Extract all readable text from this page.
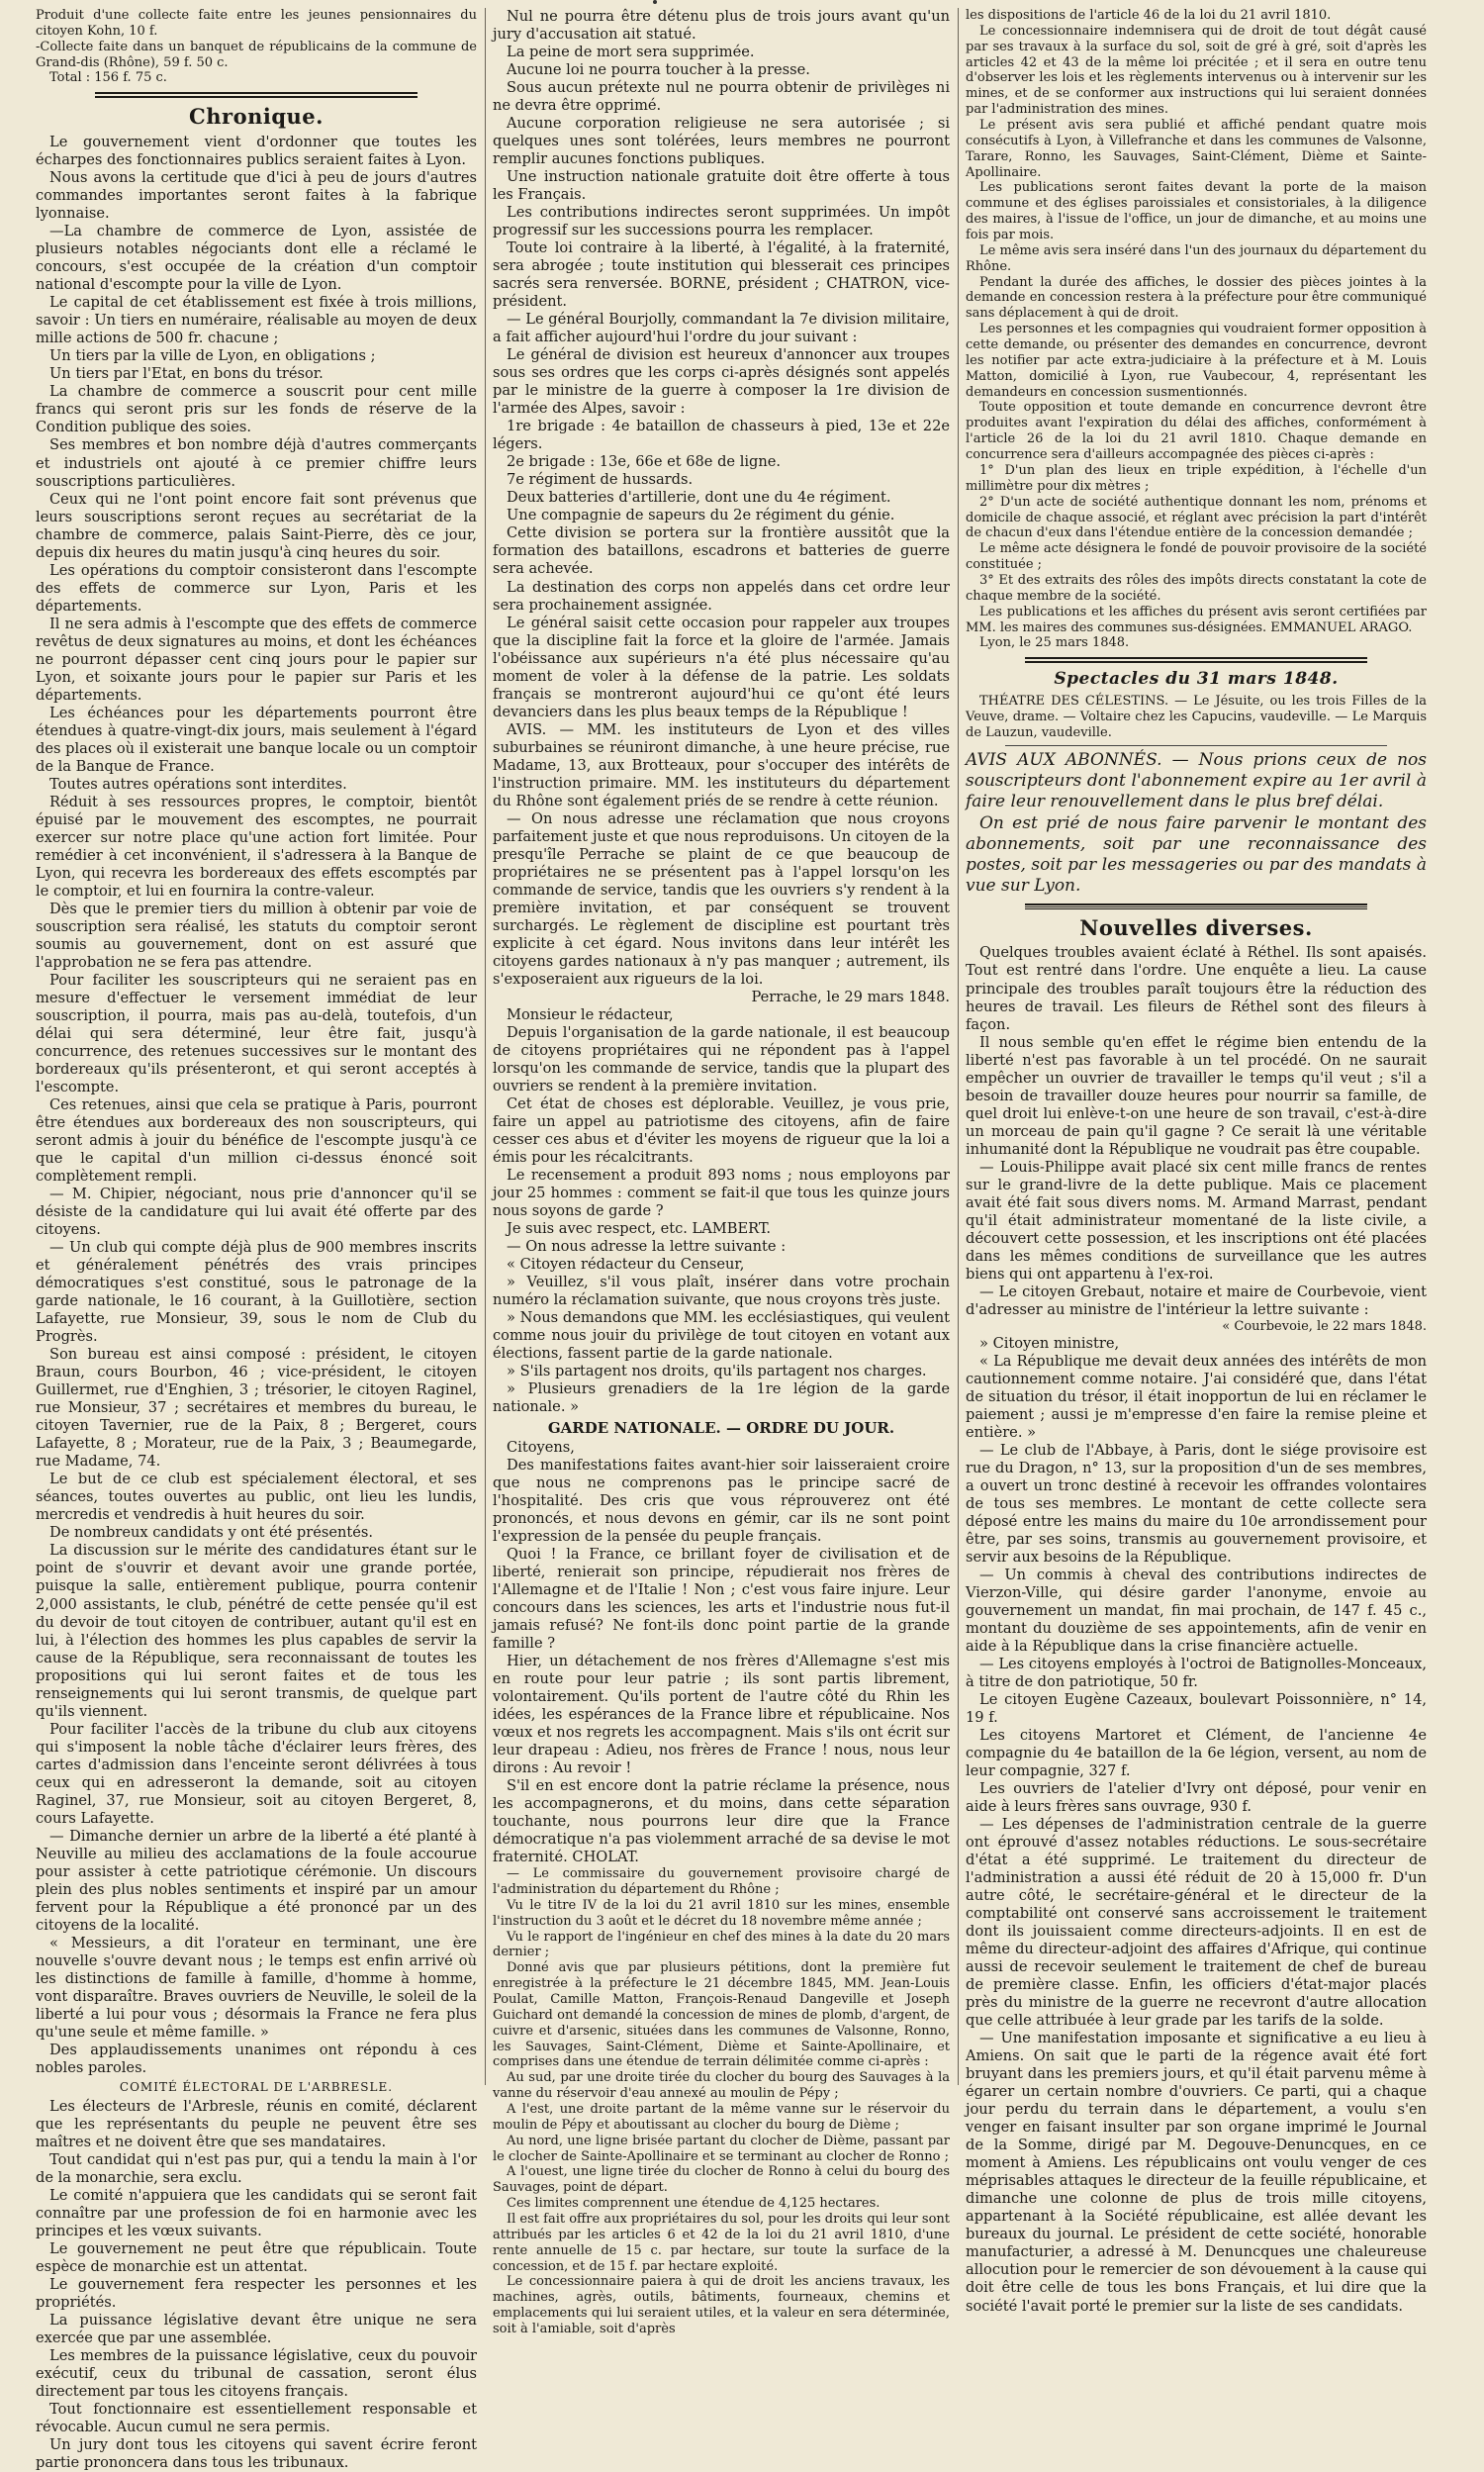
Produit d'une collecte faite entre les jeunes pensionnaires du citoyen Kohn, 10 f.

-Collecte faite dans un banquet de républicains de la commune de Grand-dis (Rhône), 59 f. 50 c.

Total : 156 f. 75 c.

Chronique.

Le gouvernement vient d'ordonner que toutes les écharpes des fonctionnaires publics seraient faites à Lyon.

Nous avons la certitude que d'ici à peu de jours d'autres commandes importantes seront faites à la fabrique lyonnaise.

—La chambre de commerce de Lyon, assistée de plusieurs notables négociants dont elle a réclamé le concours, s'est occupée de la création d'un comptoir national d'escompte pour la ville de Lyon.

Le capital de cet établissement est fixée à trois millions, savoir : Un tiers en numéraire, réalisable au moyen de deux mille actions de 500 fr. chacune ;

Un tiers par la ville de Lyon, en obligations ;

Un tiers par l'Etat, en bons du trésor.

La chambre de commerce a souscrit pour cent mille francs qui seront pris sur les fonds de réserve de la Condition publique des soies.

Ses membres et bon nombre déjà d'autres commerçants et industriels ont ajouté à ce premier chiffre leurs souscriptions particulières.

Ceux qui ne l'ont point encore fait sont prévenus que leurs souscriptions seront reçues au secrétariat de la chambre de commerce, palais Saint-Pierre, dès ce jour, depuis dix heures du matin jusqu'à cinq heures du soir.

Les opérations du comptoir consisteront dans l'escompte des effets de commerce sur Lyon, Paris et les départements.

Il ne sera admis à l'escompte que des effets de commerce revêtus de deux signatures au moins, et dont les échéances ne pourront dépasser cent cinq jours pour le papier sur Lyon, et soixante jours pour le papier sur Paris et les départements.

Les échéances pour les départements pourront être étendues à quatre-vingt-dix jours, mais seulement à l'égard des places où il existerait une banque locale ou un comptoir de la Banque de France.

Toutes autres opérations sont interdites.

Réduit à ses ressources propres, le comptoir, bientôt épuisé par le mouvement des escomptes, ne pourrait exercer sur notre place qu'une action fort limitée. Pour remédier à cet inconvénient, il s'adressera à la Banque de Lyon, qui recevra les bordereaux des effets escomptés par le comptoir, et lui en fournira la contre-valeur.

Dès que le premier tiers du million à obtenir par voie de souscription sera réalisé, les statuts du comptoir seront soumis au gouvernement, dont on est assuré que l'approbation ne se fera pas attendre.

Pour faciliter les souscripteurs qui ne seraient pas en mesure d'effectuer le versement immédiat de leur souscription, il pourra, mais pas au-delà, toutefois, d'un délai qui sera déterminé, leur être fait, jusqu'à concurrence, des retenues successives sur le montant des bordereaux qu'ils présenteront, et qui seront acceptés à l'escompte.

Ces retenues, ainsi que cela se pratique à Paris, pourront être étendues aux bordereaux des non souscripteurs, qui seront admis à jouir du bénéfice de l'escompte jusqu'à ce que le capital d'un million ci-dessus énoncé soit complètement rempli.

— M. Chipier, négociant, nous prie d'annoncer qu'il se désiste de la candidature qui lui avait été offerte par des citoyens.

— Un club qui compte déjà plus de 900 membres inscrits et généralement pénétrés des vrais principes démocratiques s'est constitué, sous le patronage de la garde nationale, le 16 courant, à la Guillotière, section Lafayette, rue Monsieur, 39, sous le nom de Club du Progrès.

Son bureau est ainsi composé : président, le citoyen Braun, cours Bourbon, 46 ; vice-président, le citoyen Guillermet, rue d'Enghien, 3 ; trésorier, le citoyen Raginel, rue Monsieur, 37 ; secrétaires et membres du bureau, le citoyen Tavernier, rue de la Paix, 8 ; Bergeret, cours Lafayette, 8 ; Morateur, rue de la Paix, 3 ; Beaumegarde, rue Madame, 74.

Le but de ce club est spécialement électoral, et ses séances, toutes ouvertes au public, ont lieu les lundis, mercredis et vendredis à huit heures du soir.

De nombreux candidats y ont été présentés.

La discussion sur le mérite des candidatures étant sur le point de s'ouvrir et devant avoir une grande portée, puisque la salle, entièrement publique, pourra contenir 2,000 assistants, le club, pénétré de cette pensée qu'il est du devoir de tout citoyen de contribuer, autant qu'il est en lui, à l'élection des hommes les plus capables de servir la cause de la République, sera reconnaissant de toutes les propositions qui lui seront faites et de tous les renseignements qui lui seront transmis, de quelque part qu'ils viennent.

Pour faciliter l'accès de la tribune du club aux citoyens qui s'imposent la noble tâche d'éclairer leurs frères, des cartes d'admission dans l'enceinte seront délivrées à tous ceux qui en adresseront la demande, soit au citoyen Raginel, 37, rue Monsieur, soit au citoyen Bergeret, 8, cours Lafayette.

— Dimanche dernier un arbre de la liberté a été planté à Neuville au milieu des acclamations de la foule accourue pour assister à cette patriotique cérémonie. Un discours plein des plus nobles sentiments et inspiré par un amour fervent pour la République a été prononcé par un des citoyens de la localité.

« Messieurs, a dit l'orateur en terminant, une ère nouvelle s'ouvre devant nous ; le temps est enfin arrivé où les distinctions de famille à famille, d'homme à homme, vont disparaître. Braves ouvriers de Neuville, le soleil de la liberté a lui pour vous ; désormais la France ne fera plus qu'une seule et même famille. »

Des applaudissements unanimes ont répondu à ces nobles paroles.

COMITÉ ÉLECTORAL DE L'ARBRESLE.

Les électeurs de l'Arbresle, réunis en comité, déclarent que les représentants du peuple ne peuvent être ses maîtres et ne doivent être que ses mandataires.

Tout candidat qui n'est pas pur, qui a tendu la main à l'or de la monarchie, sera exclu.

Le comité n'appuiera que les candidats qui se seront fait connaître par une profession de foi en harmonie avec les principes et les vœux suivants.

Le gouvernement ne peut être que républicain. Toute espèce de monarchie est un attentat.

Le gouvernement fera respecter les personnes et les propriétés.

La puissance législative devant être unique ne sera exercée que par une assemblée.

Les membres de la puissance législative, ceux du pouvoir exécutif, ceux du tribunal de cassation, seront élus directement par tous les citoyens français.

Tout fonctionnaire est essentiellement responsable et révocable. Aucun cumul ne sera permis.

Un jury dont tous les citoyens qui savent écrire feront partie prononcera dans tous les tribunaux.

Nul ne pourra être détenu plus de trois jours avant qu'un jury d'accusation ait statué.

La peine de mort sera supprimée.

Aucune loi ne pourra toucher à la presse.

Sous aucun prétexte nul ne pourra obtenir de privilèges ni ne devra être opprimé.

Aucune corporation religieuse ne sera autorisée ; si quelques unes sont tolérées, leurs membres ne pourront remplir aucunes fonctions publiques.

Une instruction nationale gratuite doit être offerte à tous les Français.

Les contributions indirectes seront supprimées. Un impôt progressif sur les successions pourra les remplacer.

Toute loi contraire à la liberté, à l'égalité, à la fraternité, sera abrogée ; toute institution qui blesserait ces principes sacrés sera renversée. BORNE, président ; CHATRON, vice-président.

— Le général Bourjolly, commandant la 7e division militaire, a fait afficher aujourd'hui l'ordre du jour suivant :

Le général de division est heureux d'annoncer aux troupes sous ses ordres que les corps ci-après désignés sont appelés par le ministre de la guerre à composer la 1re division de l'armée des Alpes, savoir :

1re brigade : 4e bataillon de chasseurs à pied, 13e et 22e légers.

2e brigade : 13e, 66e et 68e de ligne.

7e régiment de hussards.

Deux batteries d'artillerie, dont une du 4e régiment.

Une compagnie de sapeurs du 2e régiment du génie.

Cette division se portera sur la frontière aussitôt que la formation des bataillons, escadrons et batteries de guerre sera achevée.

La destination des corps non appelés dans cet ordre leur sera prochainement assignée.

Le général saisit cette occasion pour rappeler aux troupes que la discipline fait la force et la gloire de l'armée. Jamais l'obéissance aux supérieurs n'a été plus nécessaire qu'au moment de voler à la défense de la patrie. Les soldats français se montreront aujourd'hui ce qu'ont été leurs devanciers dans les plus beaux temps de la République !

AVIS. — MM. les instituteurs de Lyon et des villes suburbaines se réuniront dimanche, à une heure précise, rue Madame, 13, aux Brotteaux, pour s'occuper des intérêts de l'instruction primaire. MM. les instituteurs du département du Rhône sont également priés de se rendre à cette réunion.

— On nous adresse une réclamation que nous croyons parfaitement juste et que nous reproduisons. Un citoyen de la presqu'île Perrache se plaint de ce que beaucoup de propriétaires ne se présentent pas à l'appel lorsqu'on les commande de service, tandis que les ouvriers s'y rendent à la première invitation, et par conséquent se trouvent surchargés. Le règlement de discipline est pourtant très explicite à cet égard. Nous invitons dans leur intérêt les citoyens gardes nationaux à n'y pas manquer ; autrement, ils s'exposeraient aux rigueurs de la loi.

Perrache, le 29 mars 1848.

Monsieur le rédacteur,

Depuis l'organisation de la garde nationale, il est beaucoup de citoyens propriétaires qui ne répondent pas à l'appel lorsqu'on les commande de service, tandis que la plupart des ouvriers se rendent à la première invitation.

Cet état de choses est déplorable. Veuillez, je vous prie, faire un appel au patriotisme des citoyens, afin de faire cesser ces abus et d'éviter les moyens de rigueur que la loi a émis pour les récalcitrants.

Le recensement a produit 893 noms ; nous employons par jour 25 hommes : comment se fait-il que tous les quinze jours nous soyons de garde ?

Je suis avec respect, etc. LAMBERT.

— On nous adresse la lettre suivante :

« Citoyen rédacteur du Censeur,

» Veuillez, s'il vous plaît, insérer dans votre prochain numéro la réclamation suivante, que nous croyons très juste.

» Nous demandons que MM. les ecclésiastiques, qui veulent comme nous jouir du privilège de tout citoyen en votant aux élections, fassent partie de la garde nationale.

» S'ils partagent nos droits, qu'ils partagent nos charges.

» Plusieurs grenadiers de la 1re légion de la garde nationale. »

GARDE NATIONALE. — ORDRE DU JOUR.

Citoyens,

Des manifestations faites avant-hier soir laisseraient croire que nous ne comprenons pas le principe sacré de l'hospitalité. Des cris que vous réprouverez ont été prononcés, et nous devons en gémir, car ils ne sont point l'expression de la pensée du peuple français.

Quoi ! la France, ce brillant foyer de civilisation et de liberté, renierait son principe, répudierait nos frères de l'Allemagne et de l'Italie ! Non ; c'est vous faire injure. Leur concours dans les sciences, les arts et l'industrie nous fut-il jamais refusé? Ne font-ils donc point partie de la grande famille ?

Hier, un détachement de nos frères d'Allemagne s'est mis en route pour leur patrie ; ils sont partis librement, volontairement. Qu'ils portent de l'autre côté du Rhin les idées, les espérances de la France libre et républicaine. Nos vœux et nos regrets les accompagnent. Mais s'ils ont écrit sur leur drapeau : Adieu, nos frères de France ! nous, nous leur dirons : Au revoir !

S'il en est encore dont la patrie réclame la présence, nous les accompagnerons, et du moins, dans cette séparation touchante, nous pourrons leur dire que la France démocratique n'a pas violemment arraché de sa devise le mot fraternité. CHOLAT.

— Le commissaire du gouvernement provisoire chargé de l'administration du département du Rhône ;

Vu le titre IV de la loi du 21 avril 1810 sur les mines, ensemble l'instruction du 3 août et le décret du 18 novembre même année ;

Vu le rapport de l'ingénieur en chef des mines à la date du 20 mars dernier ;

Donné avis que par plusieurs pétitions, dont la première fut enregistrée à la préfecture le 21 décembre 1845, MM. Jean-Louis Poulat, Camille Matton, François-Renaud Dangeville et Joseph Guichard ont demandé la concession de mines de plomb, d'argent, de cuivre et d'arsenic, situées dans les communes de Valsonne, Ronno, les Sauvages, Saint-Clément, Dième et Sainte-Apollinaire, et comprises dans une étendue de terrain délimitée comme ci-après :

Au sud, par une droite tirée du clocher du bourg des Sauvages à la vanne du réservoir d'eau annexé au moulin de Pépy ;

A l'est, une droite partant de la même vanne sur le réservoir du moulin de Pépy et aboutissant au clocher du bourg de Dième ;

Au nord, une ligne brisée partant du clocher de Dième, passant par le clocher de Sainte-Apollinaire et se terminant au clocher de Ronno ;

A l'ouest, une ligne tirée du clocher de Ronno à celui du bourg des Sauvages, point de départ.

Ces limites comprennent une étendue de 4,125 hectares.

Il est fait offre aux propriétaires du sol, pour les droits qui leur sont attribués par les articles 6 et 42 de la loi du 21 avril 1810, d'une rente annuelle de 15 c. par hectare, sur toute la surface de la concession, et de 15 f. par hectare exploité.

Le concessionnaire paiera à qui de droit les anciens travaux, les machines, agrès, outils, bâtiments, fourneaux, chemins et emplacements qui lui seraient utiles, et la valeur en sera déterminée, soit à l'amiable, soit d'après

les dispositions de l'article 46 de la loi du 21 avril 1810.

Le concessionnaire indemnisera qui de droit de tout dégât causé par ses travaux à la surface du sol, soit de gré à gré, soit d'après les articles 42 et 43 de la même loi précitée ; et il sera en outre tenu d'observer les lois et les règlements intervenus ou à intervenir sur les mines, et de se conformer aux instructions qui lui seraient données par l'administration des mines.

Le présent avis sera publié et affiché pendant quatre mois consécutifs à Lyon, à Villefranche et dans les communes de Valsonne, Tarare, Ronno, les Sauvages, Saint-Clément, Dième et Sainte-Apollinaire.

Les publications seront faites devant la porte de la maison commune et des églises paroissiales et consistoriales, à la diligence des maires, à l'issue de l'office, un jour de dimanche, et au moins une fois par mois.

Le même avis sera inséré dans l'un des journaux du département du Rhône.

Pendant la durée des affiches, le dossier des pièces jointes à la demande en concession restera à la préfecture pour être communiqué sans déplacement à qui de droit.

Les personnes et les compagnies qui voudraient former opposition à cette demande, ou présenter des demandes en concurrence, devront les notifier par acte extra-judiciaire à la préfecture et à M. Louis Matton, domicilié à Lyon, rue Vaubecour, 4, représentant les demandeurs en concession susmentionnés.

Toute opposition et toute demande en concurrence devront être produites avant l'expiration du délai des affiches, conformément à l'article 26 de la loi du 21 avril 1810. Chaque demande en concurrence sera d'ailleurs accompagnée des pièces ci-après :

1° D'un plan des lieux en triple expédition, à l'échelle d'un millimètre pour dix mètres ;

2° D'un acte de société authentique donnant les nom, prénoms et domicile de chaque associé, et réglant avec précision la part d'intérêt de chacun d'eux dans l'étendue entière de la concession demandée ;

Le même acte désignera le fondé de pouvoir provisoire de la société constituée ;

3° Et des extraits des rôles des impôts directs constatant la cote de chaque membre de la société.

Les publications et les affiches du présent avis seront certifiées par MM. les maires des communes sus-désignées. EMMANUEL ARAGO.

Lyon, le 25 mars 1848.

Spectacles du 31 mars 1848.

THÉATRE DES CÉLESTINS. — Le Jésuite, ou les trois Filles de la Veuve, drame. — Voltaire chez les Capucins, vaudeville. — Le Marquis de Lauzun, vaudeville.

AVIS AUX ABONNÉS. — Nous prions ceux de nos souscripteurs dont l'abonnement expire au 1er avril à faire leur renouvellement dans le plus bref délai.

On est prié de nous faire parvenir le montant des abonnements, soit par une reconnaissance des postes, soit par les messageries ou par des mandats à vue sur Lyon.

Nouvelles diverses.

Quelques troubles avaient éclaté à Réthel. Ils sont apaisés. Tout est rentré dans l'ordre. Une enquête a lieu. La cause principale des troubles paraît toujours être la réduction des heures de travail. Les fileurs de Réthel sont des fileurs à façon.

Il nous semble qu'en effet le régime bien entendu de la liberté n'est pas favorable à un tel procédé. On ne saurait empêcher un ouvrier de travailler le temps qu'il veut ; s'il a besoin de travailler douze heures pour nourrir sa famille, de quel droit lui enlève-t-on une heure de son travail, c'est-à-dire un morceau de pain qu'il gagne ? Ce serait là une véritable inhumanité dont la République ne voudrait pas être coupable.

— Louis-Philippe avait placé six cent mille francs de rentes sur le grand-livre de la dette publique. Mais ce placement avait été fait sous divers noms. M. Armand Marrast, pendant qu'il était administrateur momentané de la liste civile, a découvert cette possession, et les inscriptions ont été placées dans les mêmes conditions de surveillance que les autres biens qui ont appartenu à l'ex-roi.

— Le citoyen Grebaut, notaire et maire de Courbevoie, vient d'adresser au ministre de l'intérieur la lettre suivante :

« Courbevoie, le 22 mars 1848.

» Citoyen ministre,

« La République me devait deux années des intérêts de mon cautionnement comme notaire. J'ai considéré que, dans l'état de situation du trésor, il était inopportun de lui en réclamer le paiement ; aussi je m'empresse d'en faire la remise pleine et entière. »

— Le club de l'Abbaye, à Paris, dont le siége provisoire est rue du Dragon, n° 13, sur la proposition d'un de ses membres, a ouvert un tronc destiné à recevoir les offrandes volontaires de tous ses membres. Le montant de cette collecte sera déposé entre les mains du maire du 10e arrondissement pour être, par ses soins, transmis au gouvernement provisoire, et servir aux besoins de la République.

— Un commis à cheval des contributions indirectes de Vierzon-Ville, qui désire garder l'anonyme, envoie au gouvernement un mandat, fin mai prochain, de 147 f. 45 c., montant du douzième de ses appointements, afin de venir en aide à la République dans la crise financière actuelle.

— Les citoyens employés à l'octroi de Batignolles-Monceaux, à titre de don patriotique, 50 fr.

Le citoyen Eugène Cazeaux, boulevart Poissonnière, n° 14, 19 f.

Les citoyens Martoret et Clément, de l'ancienne 4e compagnie du 4e bataillon de la 6e légion, versent, au nom de leur compagnie, 327 f.

Les ouvriers de l'atelier d'Ivry ont déposé, pour venir en aide à leurs frères sans ouvrage, 930 f.

— Les dépenses de l'administration centrale de la guerre ont éprouvé d'assez notables réductions. Le sous-secrétaire d'état a été supprimé. Le traitement du directeur de l'administration a aussi été réduit de 20 à 15,000 fr. D'un autre côté, le secrétaire-général et le directeur de la comptabilité ont conservé sans accroissement le traitement dont ils jouissaient comme directeurs-adjoints. Il en est de même du directeur-adjoint des affaires d'Afrique, qui continue aussi de recevoir seulement le traitement de chef de bureau de première classe. Enfin, les officiers d'état-major placés près du ministre de la guerre ne recevront d'autre allocation que celle attribuée à leur grade par les tarifs de la solde.

— Une manifestation imposante et significative a eu lieu à Amiens. On sait que le parti de la régence avait été fort bruyant dans les premiers jours, et qu'il était parvenu même à égarer un certain nombre d'ouvriers. Ce parti, qui a chaque jour perdu du terrain dans le département, a voulu s'en venger en faisant insulter par son organe imprimé le Journal de la Somme, dirigé par M. Degouve-Denuncques, en ce moment à Amiens. Les républicains ont voulu venger de ces méprisables attaques le directeur de la feuille républicaine, et dimanche une colonne de plus de trois mille citoyens, appartenant à la Société républicaine, est allée devant les bureaux du journal. Le président de cette société, honorable manufacturier, a adressé à M. Denuncques une chaleureuse allocution pour le remercier de son dévouement à la cause qui doit être celle de tous les bons Français, et lui dire que la société l'avait porté le premier sur la liste de ses candidats.
